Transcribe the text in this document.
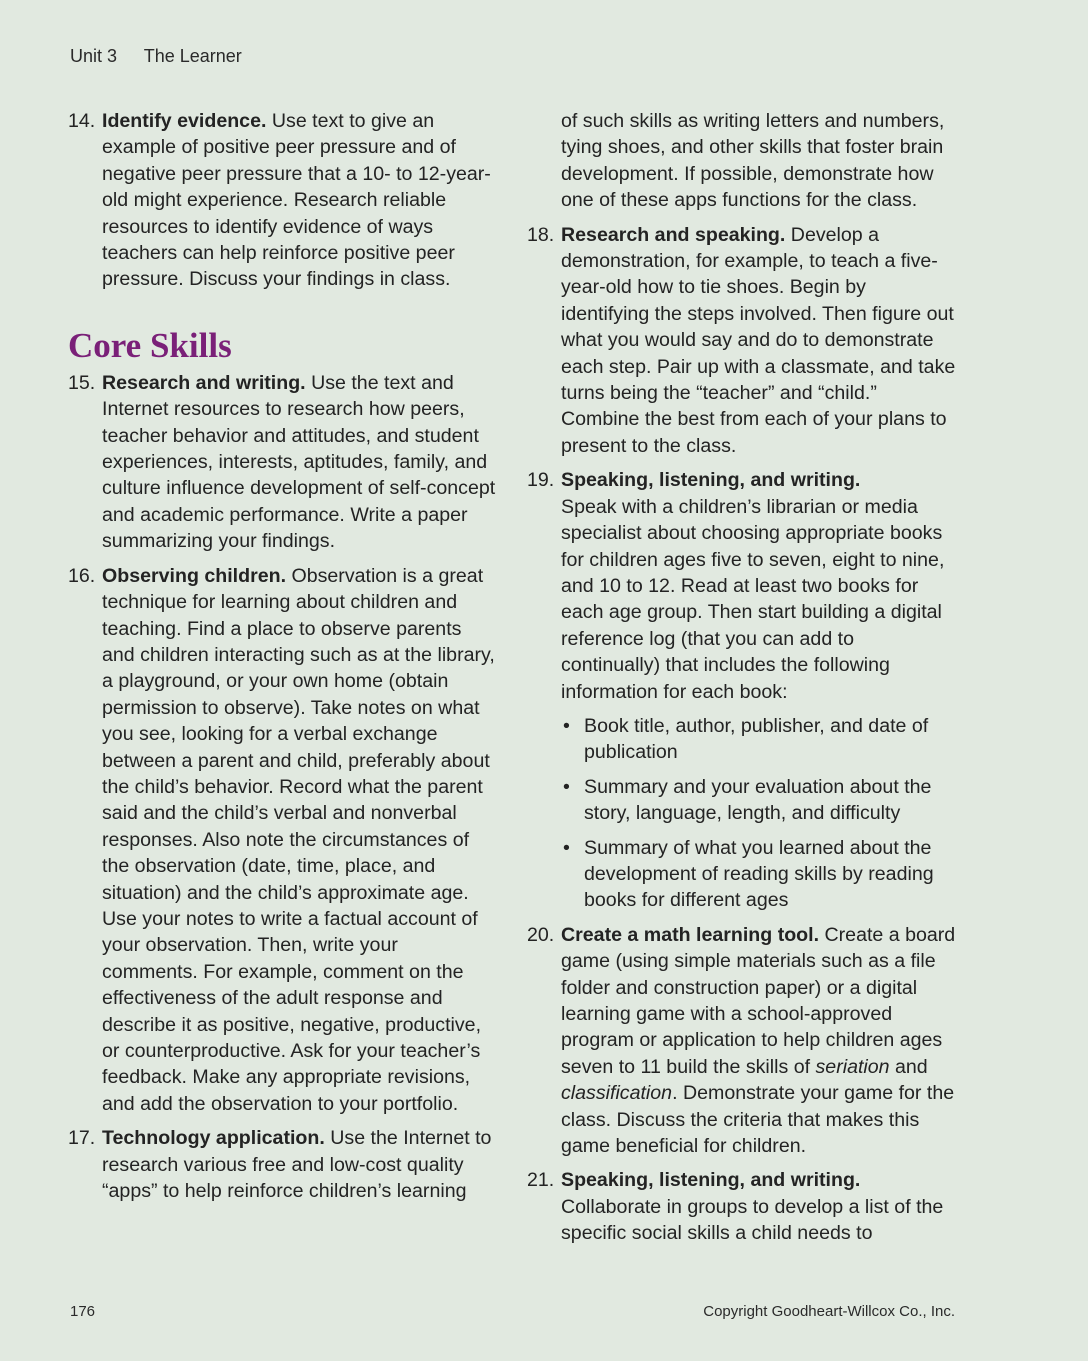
Unit 3 The Learner
14. Identify evidence. Use text to give an example of positive peer pressure and of negative peer pressure that a 10- to 12-year-old might experience. Research reliable resources to identify evidence of ways teachers can help reinforce positive peer pressure. Discuss your findings in class.
Core Skills
15. Research and writing. Use the text and Internet resources to research how peers, teacher behavior and attitudes, and student experiences, interests, aptitudes, family, and culture influence development of self-concept and academic performance. Write a paper summarizing your findings.
16. Observing children. Observation is a great technique for learning about children and teaching. Find a place to observe parents and children interacting such as at the library, a playground, or your own home (obtain permission to observe). Take notes on what you see, looking for a verbal exchange between a parent and child, preferably about the child’s behavior. Record what the parent said and the child’s verbal and nonverbal responses. Also note the circumstances of the observation (date, time, place, and situation) and the child’s approximate age. Use your notes to write a factual account of your observation. Then, write your comments. For example, comment on the effectiveness of the adult response and describe it as positive, negative, productive, or counterproductive. Ask for your teacher’s feedback. Make any appropriate revisions, and add the observation to your portfolio.
17. Technology application. Use the Internet to research various free and low-cost quality “apps” to help reinforce children’s learning
of such skills as writing letters and numbers, tying shoes, and other skills that foster brain development. If possible, demonstrate how one of these apps functions for the class.
18. Research and speaking. Develop a demonstration, for example, to teach a five-year-old how to tie shoes. Begin by identifying the steps involved. Then figure out what you would say and do to demonstrate each step. Pair up with a classmate, and take turns being the “teacher” and “child.” Combine the best from each of your plans to present to the class.
19. Speaking, listening, and writing.
Speak with a children’s librarian or media specialist about choosing appropriate books for children ages five to seven, eight to nine, and 10 to 12. Read at least two books for each age group. Then start building a digital reference log (that you can add to continually) that includes the following information for each book:
• Book title, author, publisher, and date of publication
• Summary and your evaluation about the story, language, length, and difficulty
• Summary of what you learned about the development of reading skills by reading books for different ages
20. Create a math learning tool. Create a board game (using simple materials such as a file folder and construction paper) or a digital learning game with a school-approved program or application to help children ages seven to 11 build the skills of seriation and classification. Demonstrate your game for the class. Discuss the criteria that makes this game beneficial for children.
21. Speaking, listening, and writing.
Collaborate in groups to develop a list of the specific social skills a child needs to
176	Copyright Goodheart-Willcox Co., Inc.
